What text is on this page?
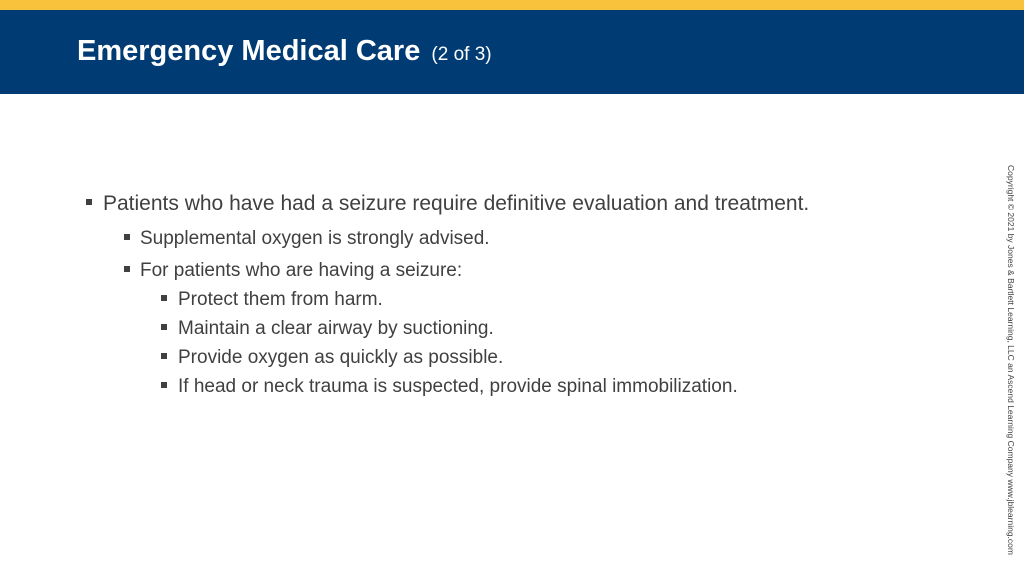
Emergency Medical Care (2 of 3)
Patients who have had a seizure require definitive evaluation and treatment.
Supplemental oxygen is strongly advised.
For patients who are having a seizure:
Protect them from harm.
Maintain a clear airway by suctioning.
Provide oxygen as quickly as possible.
If head or neck trauma is suspected, provide spinal immobilization.	Copyright © 2021 by Jones & Bartlett Learning, LLC an Ascend Learning Company www.jblearning.com
